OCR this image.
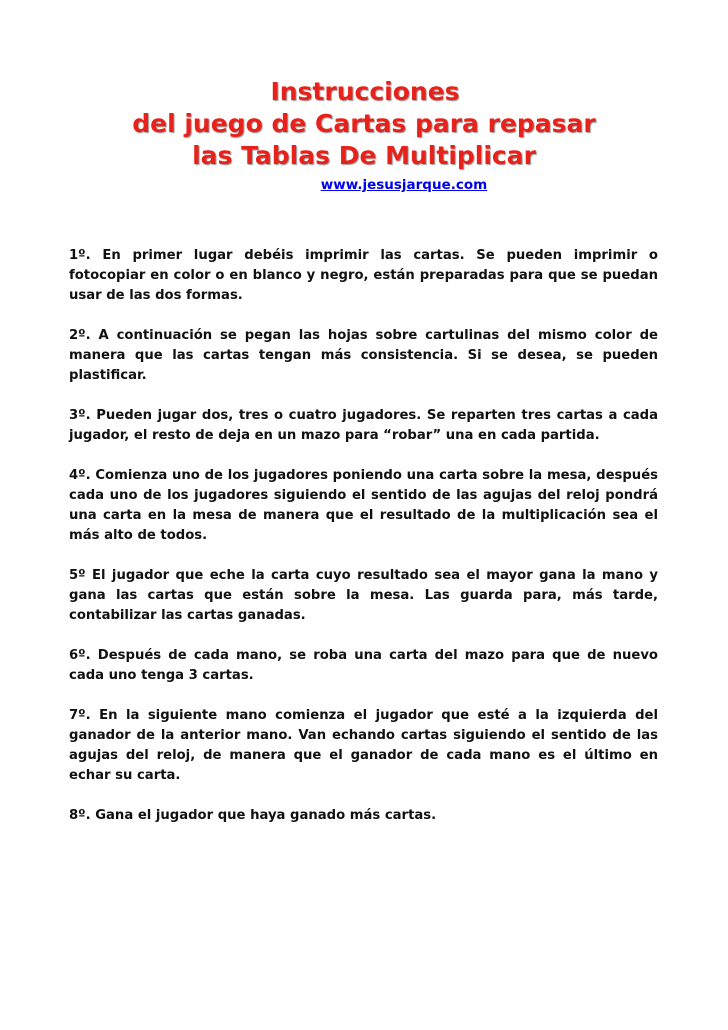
Instrucciones

del juego de Cartas para repasar

las Tablas De Multiplicar

www.jesusjarque.com

1º. En primer lugar debéis imprimir las cartas. Se pueden imprimir o fotocopiar en color o en blanco y negro, están preparadas para que se puedan usar de las dos formas.

2º. A continuación se pegan las hojas sobre cartulinas del mismo color de manera que las cartas tengan más consistencia. Si se desea, se pueden plastificar.

3º. Pueden jugar dos, tres o cuatro jugadores. Se reparten tres cartas a cada jugador, el resto de deja en un mazo para “robar” una en cada partida.

4º. Comienza uno de los jugadores poniendo una carta sobre la mesa, después cada uno de los jugadores siguiendo el sentido de las agujas del reloj pondrá una carta en la mesa de manera que el resultado de la multiplicación sea el más alto de todos.

5º El jugador que eche la carta cuyo resultado sea el mayor gana la mano y gana las cartas que están sobre la mesa. Las guarda para, más tarde, contabilizar las cartas ganadas.

6º. Después de cada mano, se roba una carta del mazo para que de nuevo cada uno tenga 3 cartas.

7º. En la siguiente mano comienza el jugador que esté a la izquierda del ganador de la anterior mano. Van echando cartas siguiendo el sentido de las agujas del reloj, de manera que el ganador de cada mano es el último en echar su carta.

8º. Gana el jugador que haya ganado más cartas.
